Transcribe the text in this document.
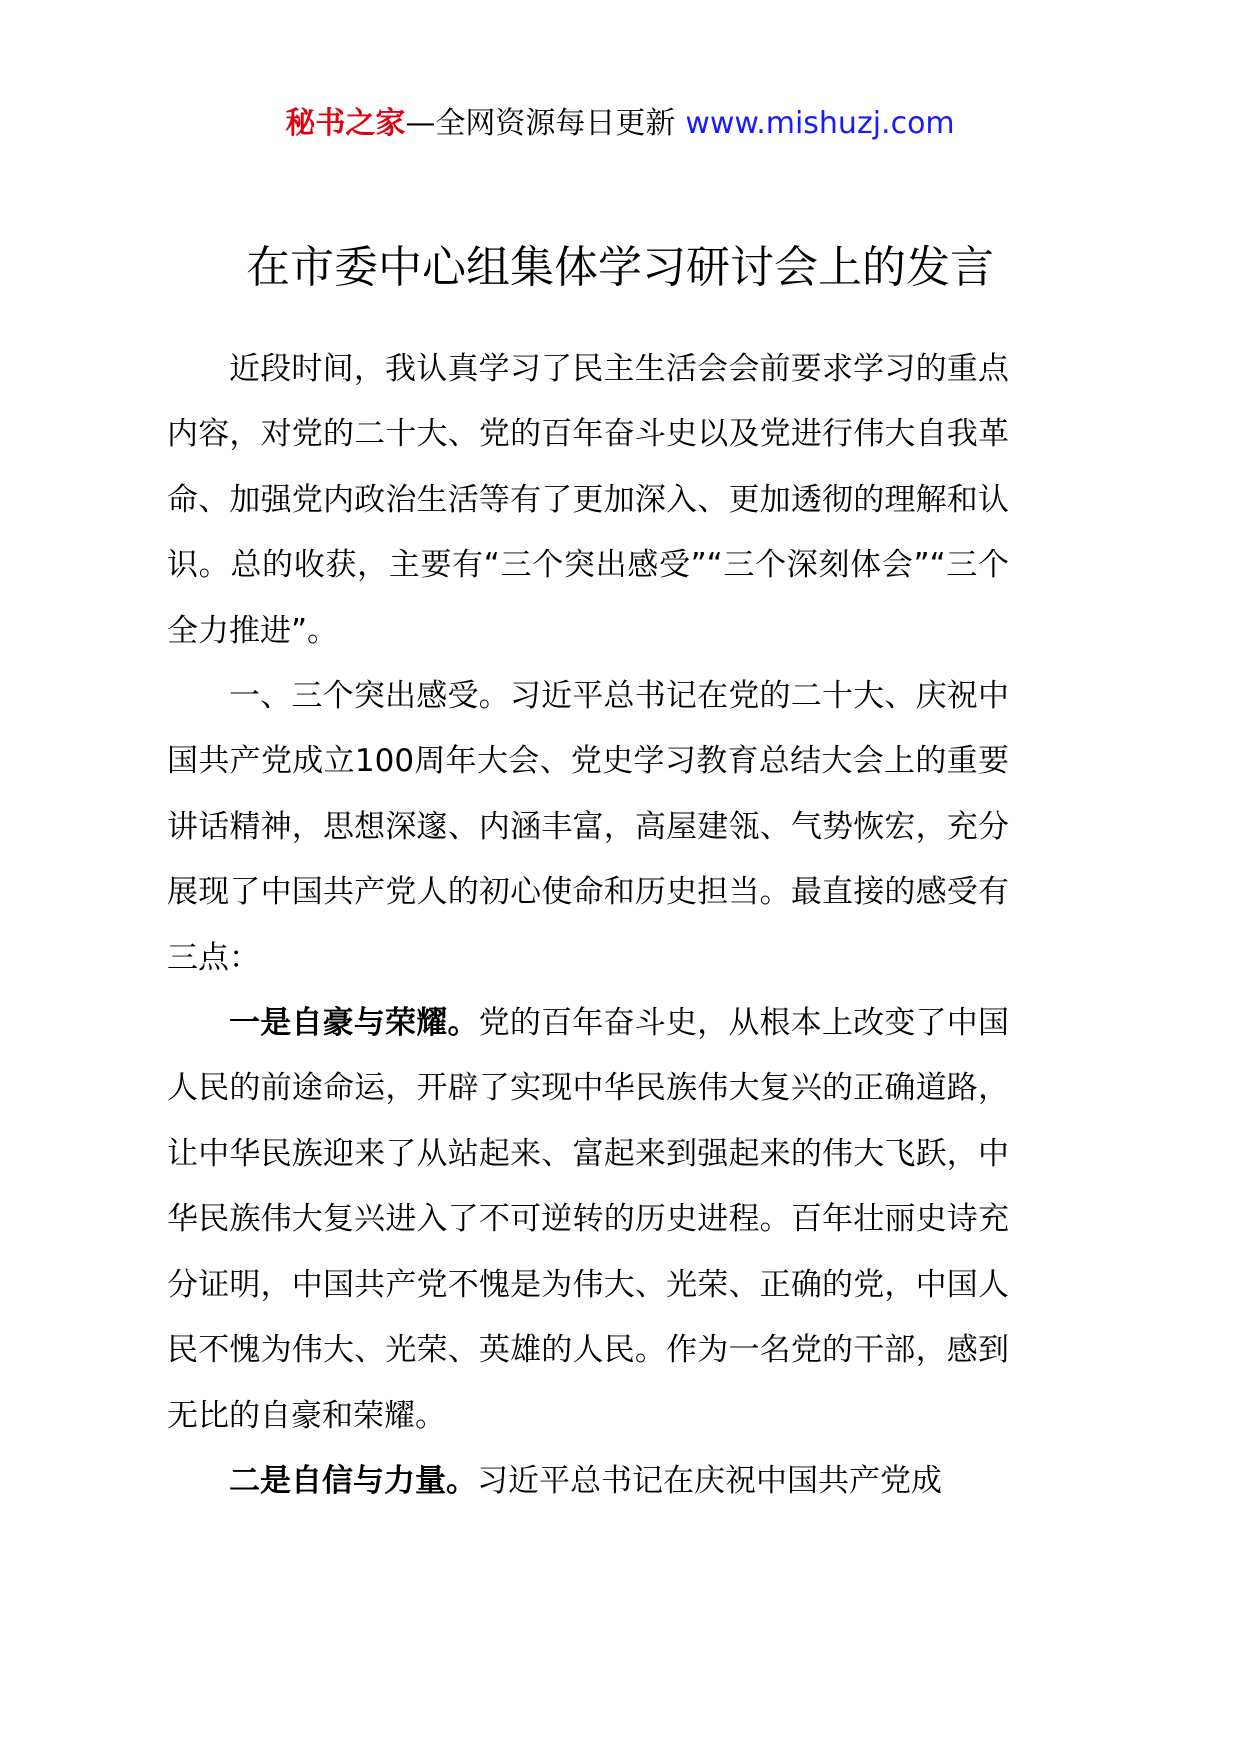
秘书之家—全网资源每日更新 www.mishuzj.com
在市委中心组集体学习研讨会上的发言

近段时间，我认真学习了民主生活会会前要求学习的重点内容，对党的二十大、党的百年奋斗史以及党进行伟大自我革命、加强党内政治生活等有了更加深入、更加透彻的理解和认识。总的收获，主要有“三个突出感受”“三个深刻体会”“三个全力推进”。

一、三个突出感受。习近平总书记在党的二十大、庆祝中国共产党成立100周年大会、党史学习教育总结大会上的重要讲话精神，思想深邃、内涵丰富，高屋建瓴、气势恢宏，充分展现了中国共产党人的初心使命和历史担当。最直接的感受有三点：

一是自豪与荣耀。党的百年奋斗史，从根本上改变了中国人民的前途命运，开辟了实现中华民族伟大复兴的正确道路，让中华民族迎来了从站起来、富起来到强起来的伟大飞跃，中华民族伟大复兴进入了不可逆转的历史进程。百年壮丽史诗充分证明，中国共产党不愧是为伟大、光荣、正确的党，中国人民不愧为伟大、光荣、英雄的人民。作为一名党的干部，感到无比的自豪和荣耀。

二是自信与力量。习近平总书记在庆祝中国共产党成
